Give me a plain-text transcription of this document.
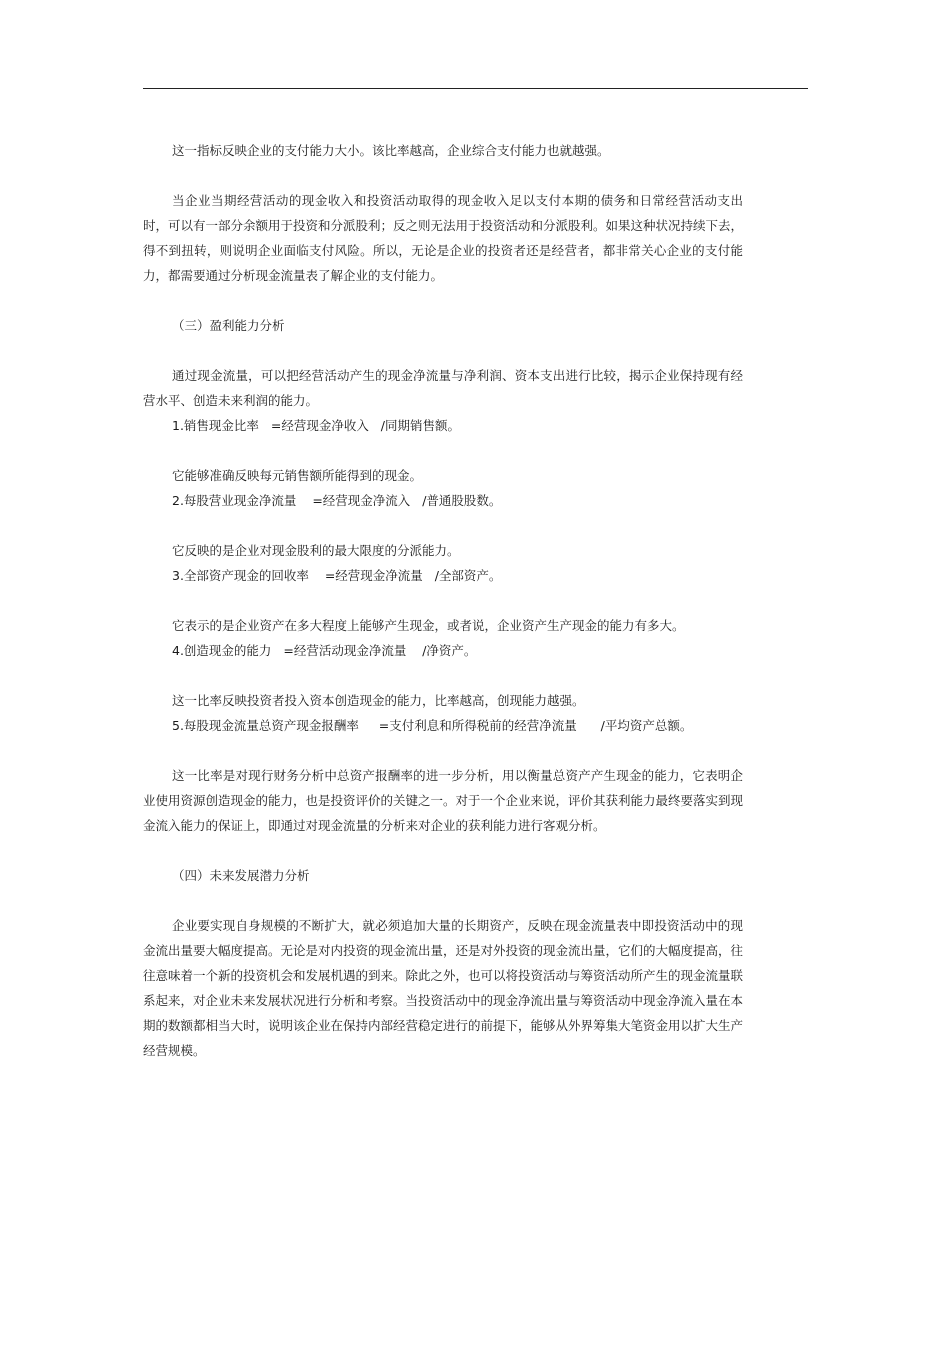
这一指标反映企业的支付能力大小。该比率越高，企业综合支付能力也就越强。

当企业当期经营活动的现金收入和投资活动取得的现金收入足以支付本期的债务和日常经营活动支出时，可以有一部分余额用于投资和分派股利；反之则无法用于投资活动和分派股利。如果这种状况持续下去，得不到扭转，则说明企业面临支付风险。所以，无论是企业的投资者还是经营者，都非常关心企业的支付能力，都需要通过分析现金流量表了解企业的支付能力。

（三）盈利能力分析

通过现金流量，可以把经营活动产生的现金净流量与净利润、资本支出进行比较，揭示企业保持现有经营水平、创造未来利润的能力。

1.销售现金比率   =经营现金净收入   /同期销售额。

它能够准确反映每元销售额所能得到的现金。

2.每股营业现金净流量    =经营现金净流入   /普通股股数。

它反映的是企业对现金股利的最大限度的分派能力。

3.全部资产现金的回收率    =经营现金净流量   /全部资产。

它表示的是企业资产在多大程度上能够产生现金，或者说，企业资产生产现金的能力有多大。

4.创造现金的能力   =经营活动现金净流量    /净资产。

这一比率反映投资者投入资本创造现金的能力，比率越高，创现能力越强。

5.每股现金流量总资产现金报酬率     =支付利息和所得税前的经营净流量      /平均资产总额。

这一比率是对现行财务分析中总资产报酬率的进一步分析，用以衡量总资产产生现金的能力，它表明企业使用资源创造现金的能力，也是投资评价的关键之一。对于一个企业来说，评价其获利能力最终要落实到现金流入能力的保证上，即通过对现金流量的分析来对企业的获利能力进行客观分析。

（四）未来发展潜力分析

企业要实现自身规模的不断扩大，就必须追加大量的长期资产，反映在现金流量表中即投资活动中的现金流出量要大幅度提高。无论是对内投资的现金流出量，还是对外投资的现金流出量，它们的大幅度提高，往往意味着一个新的投资机会和发展机遇的到来。除此之外，也可以将投资活动与筹资活动所产生的现金流量联系起来，对企业未来发展状况进行分析和考察。当投资活动中的现金净流出量与筹资活动中现金净流入量在本期的数额都相当大时，说明该企业在保持内部经营稳定进行的前提下，能够从外界筹集大笔资金用以扩大生产经营规模。
